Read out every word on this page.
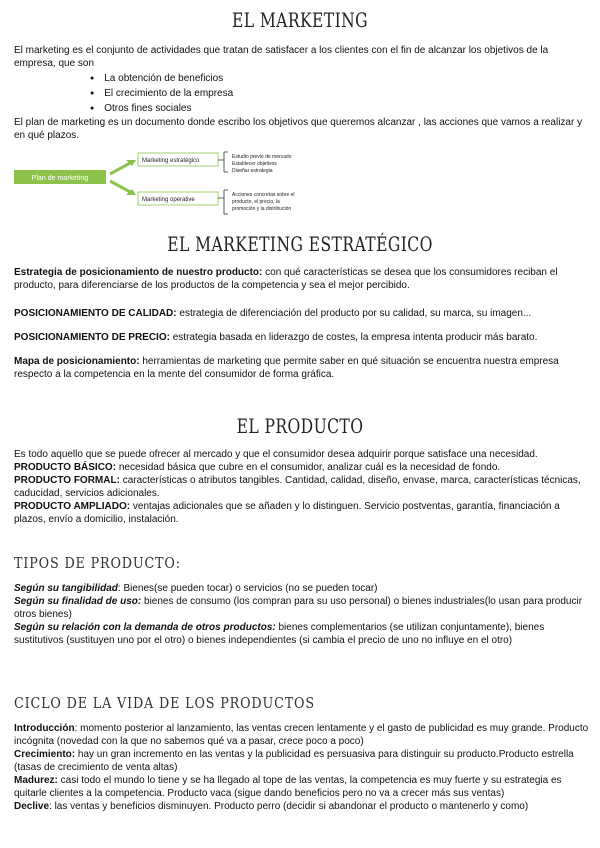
EL MARKETING
El marketing es el conjunto de actividades que tratan de satisfacer a los clientes con el fin de alcanzar los objetivos de la empresa, que son
● La obtención de beneficios
● El crecimiento de la empresa
● Otros fines sociales
El plan de marketing es un documento donde escribo los objetivos que queremos alcanzar , las acciones que vamos a realizar y en qué plazos.
Plan de marketing
Marketing estratégico
Marketing operative
Estudio previo de mercado Establecer objetivos Diseñar estrategia
Acciones concretas sobre el producto, el precio, la promoción y la distribución
EL MARKETING ESTRATÉGICO
Estrategia de posicionamiento de nuestro producto: con qué características se desea que los consumidores reciban el producto, para diferenciarse de los productos de la competencia y sea el mejor percibido.
POSICIONAMIENTO DE CALIDAD: estrategia de diferenciación del producto por su calidad, su marca, su imagen...
POSICIONAMIENTO DE PRECIO: estrategia basada en liderazgo de costes, la empresa intenta producir más barato.
Mapa de posicionamiento: herramientas de marketing que permite saber en qué situación se encuentra nuestra empresa respecto a la competencia en la mente del consumidor de forma gráfica.
EL PRODUCTO
Es todo aquello que se puede ofrecer al mercado y que el consumidor desea adquirir porque satisface una necesidad.
PRODUCTO BÁSICO: necesidad básica que cubre en el consumidor, analizar cuál es la necesidad de fondo.
PRODUCTO FORMAL: características o atributos tangibles. Cantidad, calidad, diseño, envase, marca, características técnicas, caducidad, servicios adicionales.
PRODUCTO AMPLIADO: ventajas adicionales que se añaden y lo distinguen. Servicio postventas, garantía, financiación a plazos, envío a domicilio, instalación.
TIPOS DE PRODUCTO:
Según su tangibilidad: Bienes(se pueden tocar) o servicios (no se pueden tocar)
Según su finalidad de uso: bienes de consumo (los compran para su uso personal) o bienes industriales(lo usan para producir otros bienes)
Según su relación con la demanda de otros productos: bienes complementarios (se utilizan conjuntamente), bienes sustitutivos (sustituyen uno por el otro) o bienes independientes (si cambia el precio de uno no influye en el otro)
CICLO DE LA VIDA DE LOS PRODUCTOS
Introducción: momento posterior al lanzamiento, las ventas crecen lentamente y el gasto de publicidad es muy grande. Producto incógnita (novedad con la que no sabemos qué va a pasar, crece poco a poco)
Crecimiento: hay un gran incremento en las ventas y la publicidad es persuasiva para distinguir su producto.Producto estrella (tasas de crecimiento de venta altas)
Madurez: casi todo el mundo lo tiene y se ha llegado al tope de las ventas, la competencia es muy fuerte y su estrategia es quitarle clientes a la competencia. Producto vaca (sigue dando beneficios pero no va a crecer más sus ventas)
Declive: las ventas y beneficios disminuyen. Producto perro (decidir si abandonar el producto o mantenerlo y como)
